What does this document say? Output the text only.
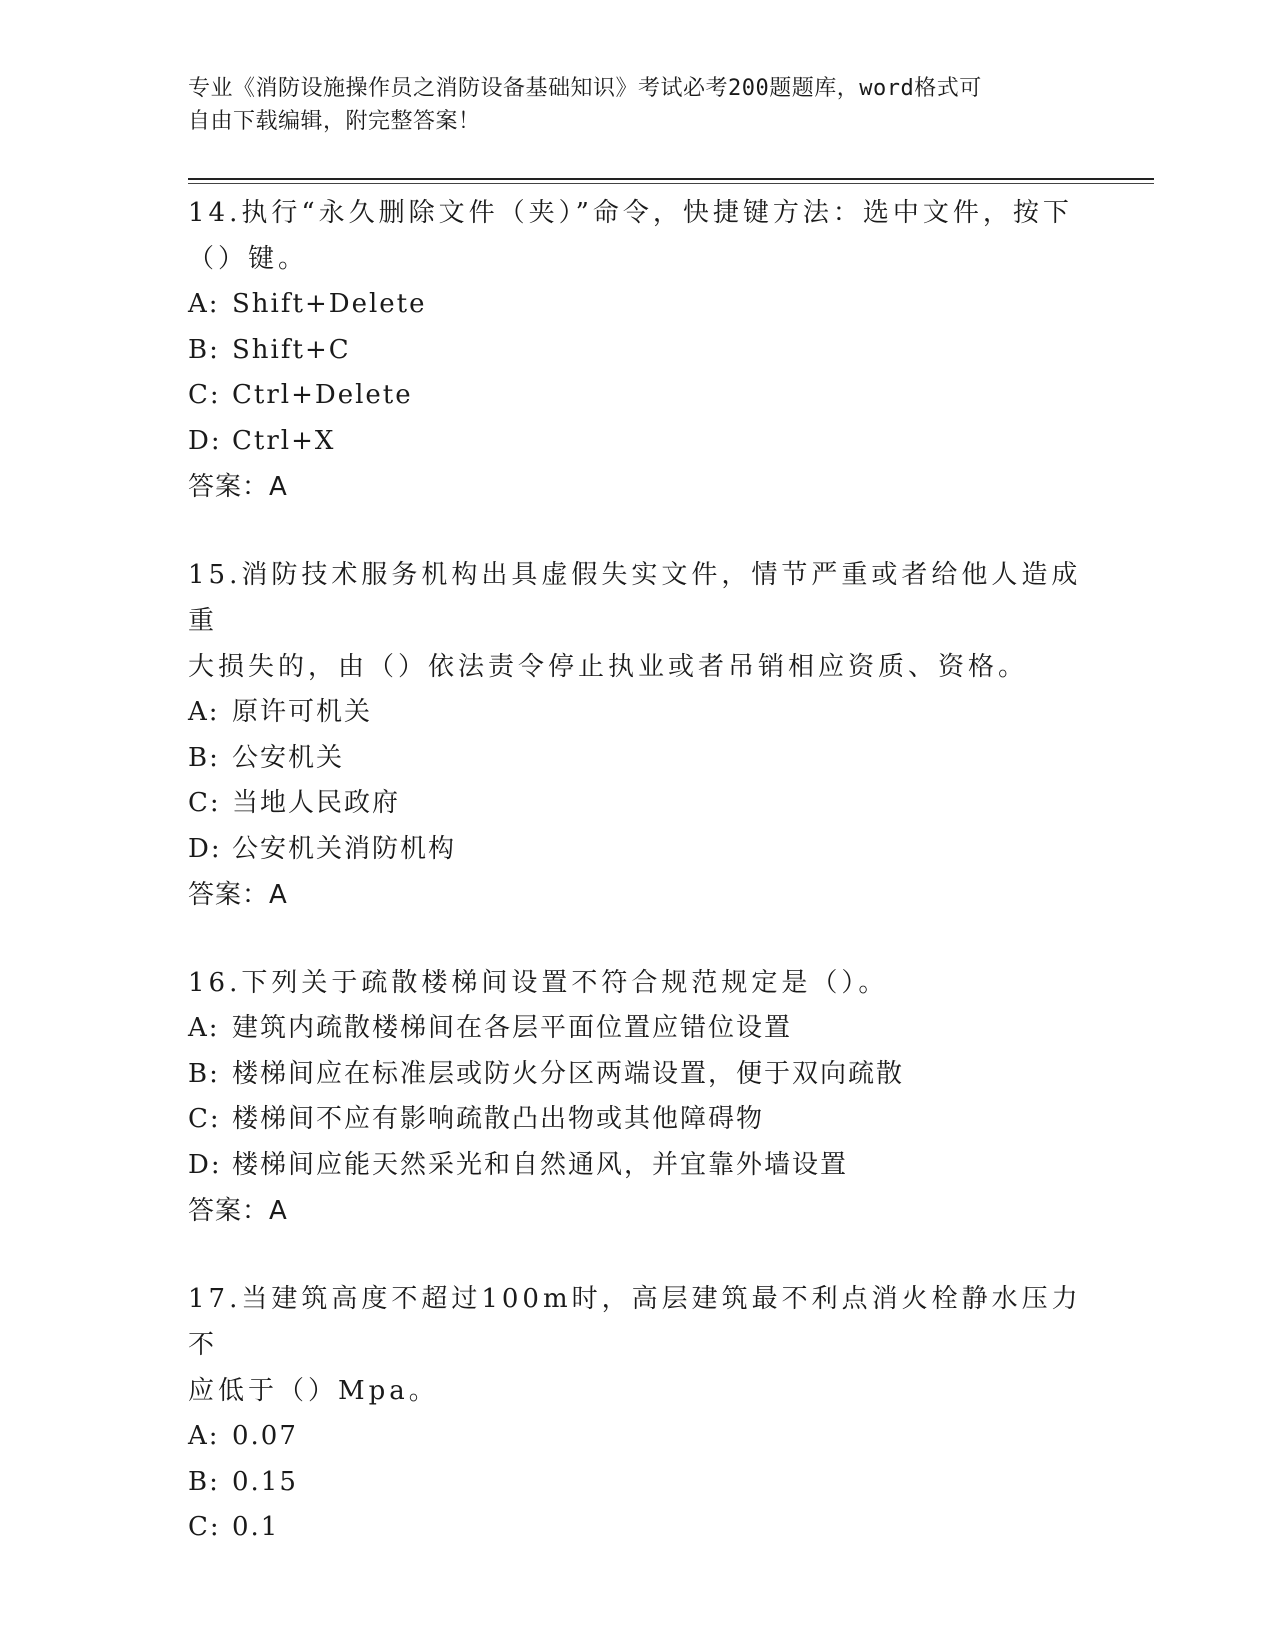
专业《消防设施操作员之消防设备基础知识》考试必考200题题库，word格式可
自由下载编辑，附完整答案！
14.执行“永久删除文件（夹）”命令，快捷键方法：选中文件，按下
（）键。
A: Shift+Delete
B: Shift+C
C: Ctrl+Delete
D: Ctrl+X
答案：A
15.消防技术服务机构出具虚假失实文件，情节严重或者给他人造成重
大损失的，由（）依法责令停止执业或者吊销相应资质、资格。
A: 原许可机关
B: 公安机关
C: 当地人民政府
D: 公安机关消防机构
答案：A
16.下列关于疏散楼梯间设置不符合规范规定是（）。
A: 建筑内疏散楼梯间在各层平面位置应错位设置
B: 楼梯间应在标准层或防火分区两端设置，便于双向疏散
C: 楼梯间不应有影响疏散凸出物或其他障碍物
D: 楼梯间应能天然采光和自然通风，并宜靠外墙设置
答案：A
17.当建筑高度不超过100m时，高层建筑最不利点消火栓静水压力不
应低于（）Mpa。
A: 0.07
B: 0.15
C: 0.1
